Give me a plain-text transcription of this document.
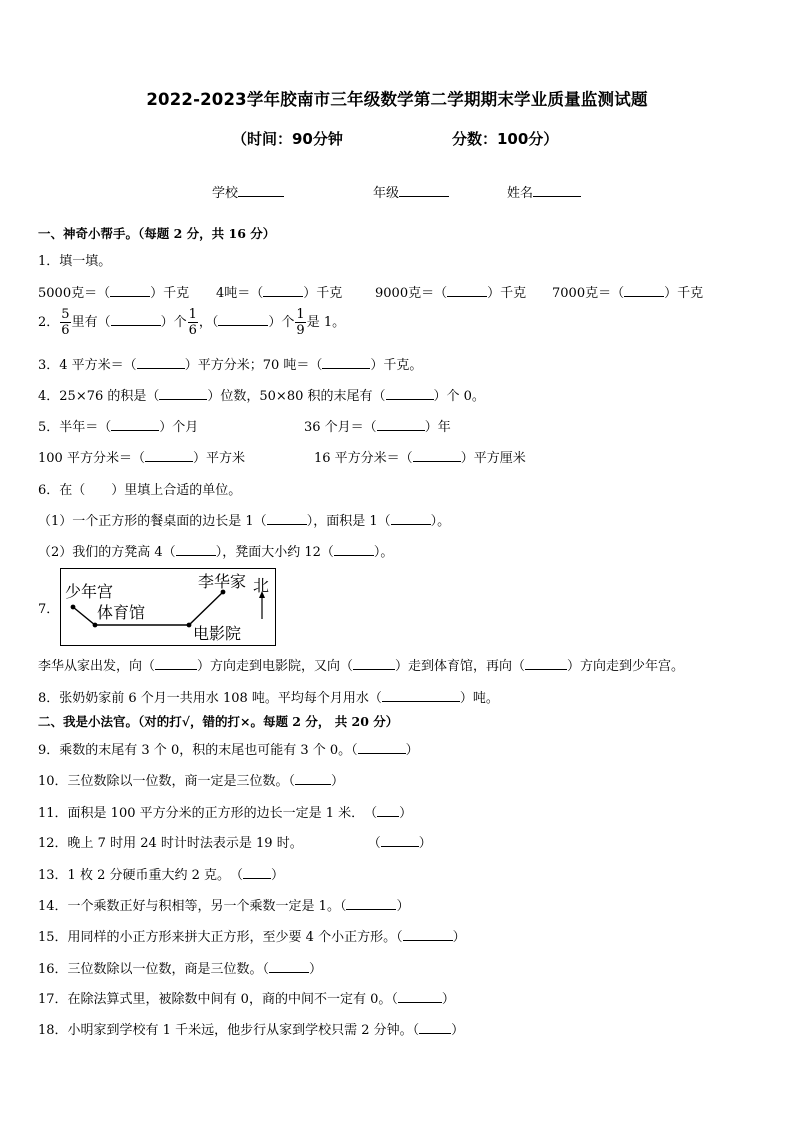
2022-2023学年胶南市三年级数学第二学期期末学业质量监测试题
（时间：90分钟	分数：100分）
学校	年级	姓名
一、神奇小帮手。（每题 2 分，共 16 分）
1．填一填。
5000克＝（	）千克 4吨＝（	）千克	9000克＝（	）千克 7000克＝（	）千克
2． $\frac{5}{6}$ 里有（	）个 $\frac{1}{6}$ ，（	）个 $\frac{1}{9}$ 是 1。
3．4 平方米＝（	）平方分米；70 吨＝（	）千克。
4．25×76 的积是（	）位数，50×80 积的末尾有（	）个 0。
5．半年＝（	）个月	36 个月＝（	）年
100 平方分米＝（	）平方米	16 平方分米＝（	）平方厘米
6．在（　　）里填上合适的单位。
（1）一个正方形的餐桌面的边长是 1（	），面积是 1（	）。
（2）我们的方凳高 4（	），凳面大小约 12（	）。
7．
少年宫
体育馆
李华家
电影院
北
李华从家出发，向（	）方向走到电影院，又向（	）走到体育馆，再向（	）方向走到少年宫。
8．张奶奶家前 6 个月一共用水 108 吨。平均每个月用水（	）吨。
二、我是小法官。（对的打√，错的打×。每题 2 分， 共 20 分）
9．乘数的末尾有 3 个 0，积的末尾也可能有 3 个 0。（	）
10．三位数除以一位数，商一定是三位数。（	）
11．面积是 100 平方分米的正方形的边长一定是 1 米．　（ ）
12．晚上 7 时用 24 时计时法表示是 19 时。　　　　　　（	）
13．1 枚 2 分硬币重大约 2 克。　（ ）
14．一个乘数正好与积相等，另一个乘数一定是 1。（	）
15．用同样的小正方形来拼大正方形，至少要 4 个小正方形。（	）
16．三位数除以一位数，商是三位数。（	）
17．在除法算式里，被除数中间有 0，商的中间不一定有 0。（	）
18．小明家到学校有 1 千米远，他步行从家到学校只需 2 分钟。（ ）
